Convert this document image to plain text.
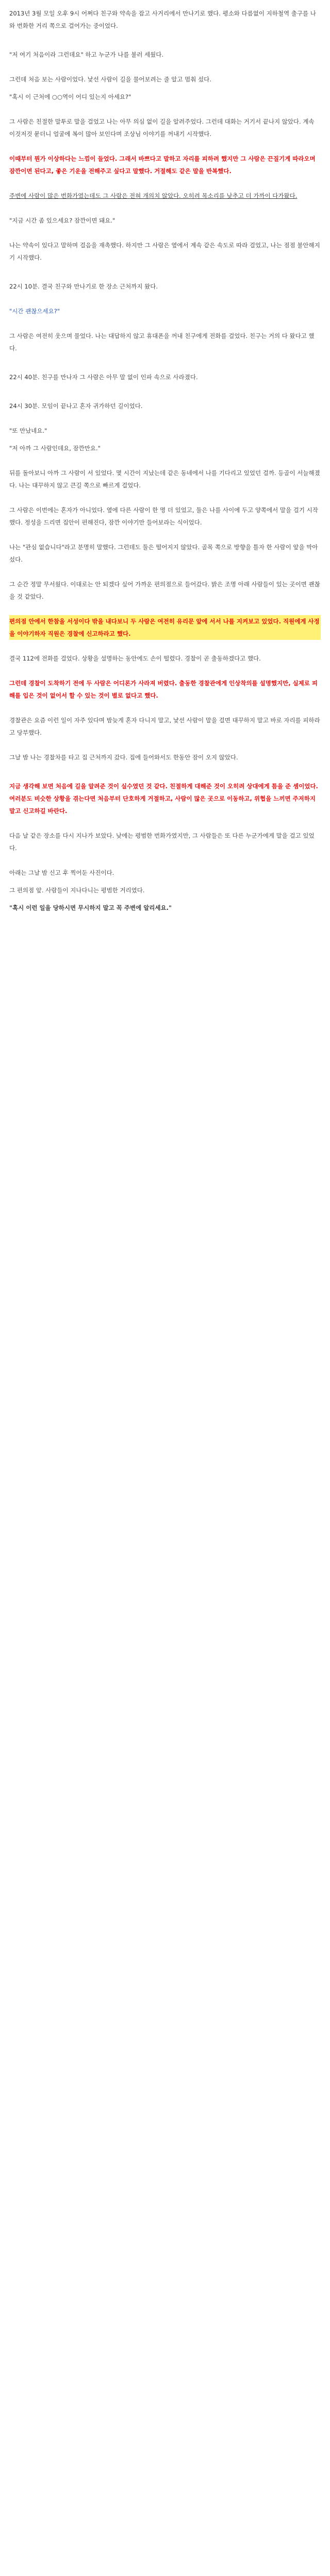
2013년 3월 모일 오후 9시 어쩌다 친구와 약속을 잡고 사거리에서 만나기로 했다. 평소와 다름없이 지하철역 출구를 나와 번화한 거리 쪽으로 걸어가는 중이었다.

"저 여기 처음이라 그런데요" 하고 누군가 나를 불러 세웠다.

그런데 처음 보는 사람이었다. 낯선 사람이 길을 물어보려는 줄 알고 멈춰 섰다.

"혹시 이 근처에 ○○역이 어디 있는지 아세요?"

그 사람은 친절한 말투로 말을 걸었고 나는 아무 의심 없이 길을 알려주었다. 그런데 대화는 거기서 끝나지 않았다. 계속 이것저것 묻더니 얼굴에 복이 많아 보인다며 조상님 이야기를 꺼내기 시작했다.

이때부터 뭔가 이상하다는 느낌이 들었다. 그래서 바쁘다고 말하고 자리를 피하려 했지만 그 사람은 끈질기게 따라오며 잠깐이면 된다고, 좋은 기운을 전해주고 싶다고 말했다. 거절해도 같은 말을 반복했다.

주변에 사람이 많은 번화가였는데도 그 사람은 전혀 개의치 않았다. 오히려 목소리를 낮추고 더 가까이 다가왔다.

"지금 시간 좀 있으세요? 잠깐이면 돼요."

나는 약속이 있다고 말하며 걸음을 재촉했다. 하지만 그 사람은 옆에서 계속 같은 속도로 따라 걸었고, 나는 점점 불안해지기 시작했다.

22시 10분. 결국 친구와 만나기로 한 장소 근처까지 왔다.

"시간 괜찮으세요?"

그 사람은 여전히 웃으며 물었다. 나는 대답하지 않고 휴대폰을 꺼내 친구에게 전화를 걸었다. 친구는 거의 다 왔다고 했다.

22시 40분. 친구를 만나자 그 사람은 아무 말 없이 인파 속으로 사라졌다.

24시 30분. 모임이 끝나고 혼자 귀가하던 길이었다.

"또 만났네요."

"저 아까 그 사람인데요, 잠깐만요."

뒤를 돌아보니 아까 그 사람이 서 있었다. 몇 시간이 지났는데 같은 동네에서 나를 기다리고 있었던 걸까. 등골이 서늘해졌다. 나는 대꾸하지 않고 큰길 쪽으로 빠르게 걸었다.

그 사람은 이번에는 혼자가 아니었다. 옆에 다른 사람이 한 명 더 있었고, 둘은 나를 사이에 두고 양쪽에서 말을 걸기 시작했다. 정성을 드리면 집안이 편해진다, 잠깐 이야기만 들어보라는 식이었다.

나는 "관심 없습니다"라고 분명히 말했다. 그런데도 둘은 떨어지지 않았다. 골목 쪽으로 방향을 틀자 한 사람이 앞을 막아섰다.

그 순간 정말 무서웠다. 이대로는 안 되겠다 싶어 가까운 편의점으로 들어갔다. 밝은 조명 아래 사람들이 있는 곳이면 괜찮을 것 같았다.

편의점 안에서 한참을 서성이다 밖을 내다보니 두 사람은 여전히 유리문 앞에 서서 나를 지켜보고 있었다. 직원에게 사정을 이야기하자 직원은 경찰에 신고하라고 했다.

결국 112에 전화를 걸었다. 상황을 설명하는 동안에도 손이 떨렸다. 경찰이 곧 출동하겠다고 했다.

그런데 경찰이 도착하기 전에 두 사람은 어디론가 사라져 버렸다. 출동한 경찰관에게 인상착의를 설명했지만, 실제로 피해를 입은 것이 없어서 할 수 있는 것이 별로 없다고 했다.

경찰관은 요즘 이런 일이 자주 있다며 밤늦게 혼자 다니지 말고, 낯선 사람이 말을 걸면 대꾸하지 말고 바로 자리를 피하라고 당부했다.

그날 밤 나는 경찰차를 타고 집 근처까지 갔다. 집에 들어와서도 한동안 잠이 오지 않았다.

지금 생각해 보면 처음에 길을 알려준 것이 실수였던 것 같다. 친절하게 대해준 것이 오히려 상대에게 틈을 준 셈이었다. 여러분도 비슷한 상황을 겪는다면 처음부터 단호하게 거절하고, 사람이 많은 곳으로 이동하고, 위협을 느끼면 주저하지 말고 신고하길 바란다.

다음 날 같은 장소를 다시 지나가 보았다. 낮에는 평범한 번화가였지만, 그 사람들은 또 다른 누군가에게 말을 걸고 있었다.

아래는 그날 밤 신고 후 찍어둔 사진이다.

그 편의점 앞. 사람들이 지나다니는 평범한 거리였다.

"혹시 이런 일을 당하시면 무시하지 말고 꼭 주변에 알리세요."
